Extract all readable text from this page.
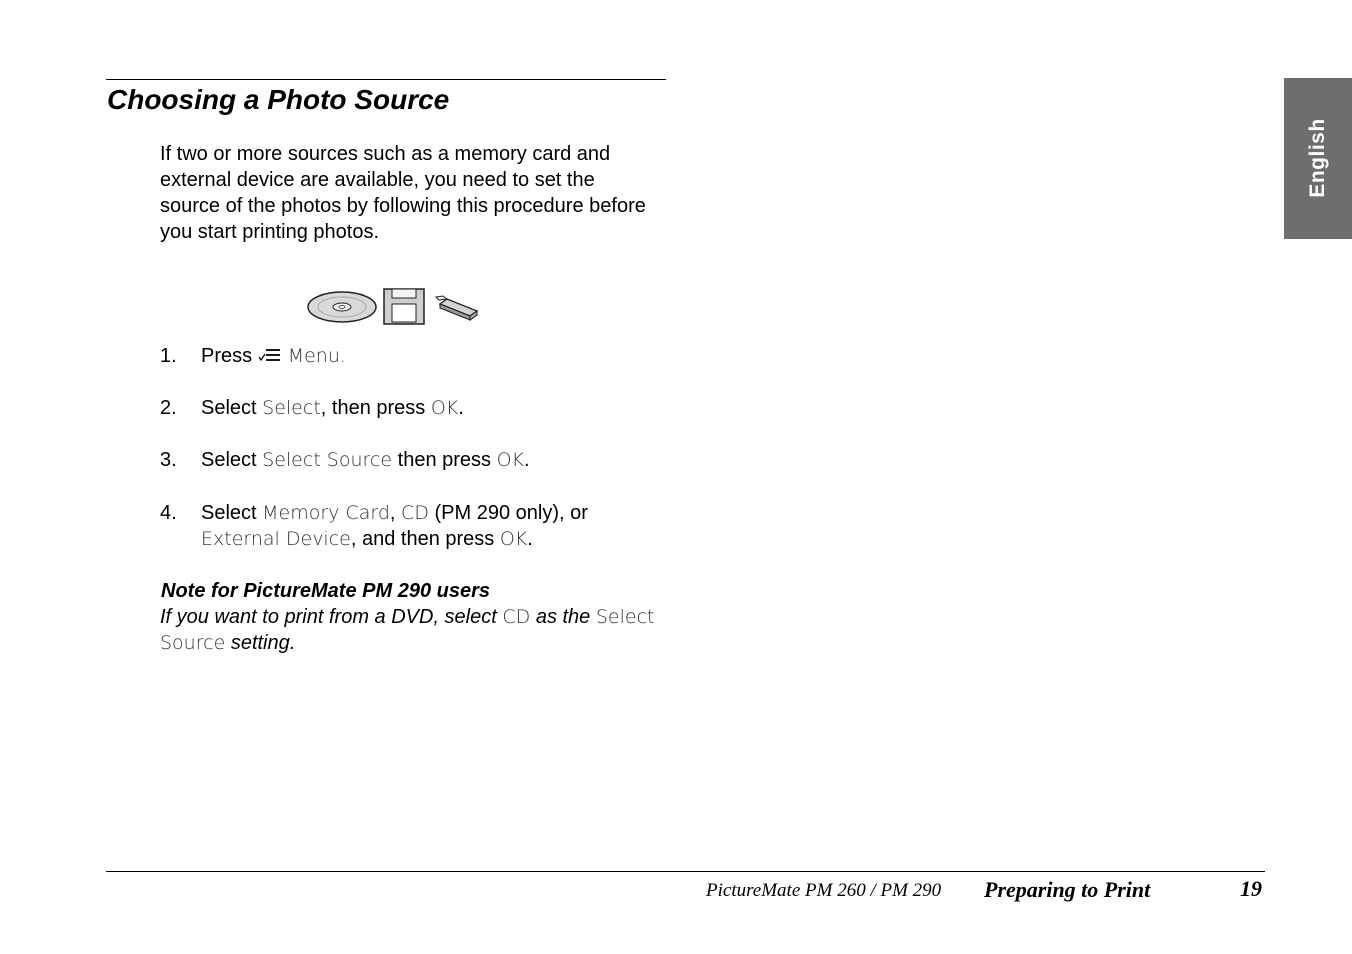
Choosing a Photo Source

If two or more sources such as a memory card and external device are available, you need to set the source of the photos by following this procedure before you start printing photos.

1. Press  Menu.
2. Select Select, then press OK.
3. Select Select Source then press OK.
4. Select Memory Card, CD (PM 290 only), or External Device, and then press OK.
Note for PictureMate PM 290 users
If you want to print from a DVD, select CD as the Select Source setting.
English
PictureMate PM 260 / PM 290 Preparing to Print	19
